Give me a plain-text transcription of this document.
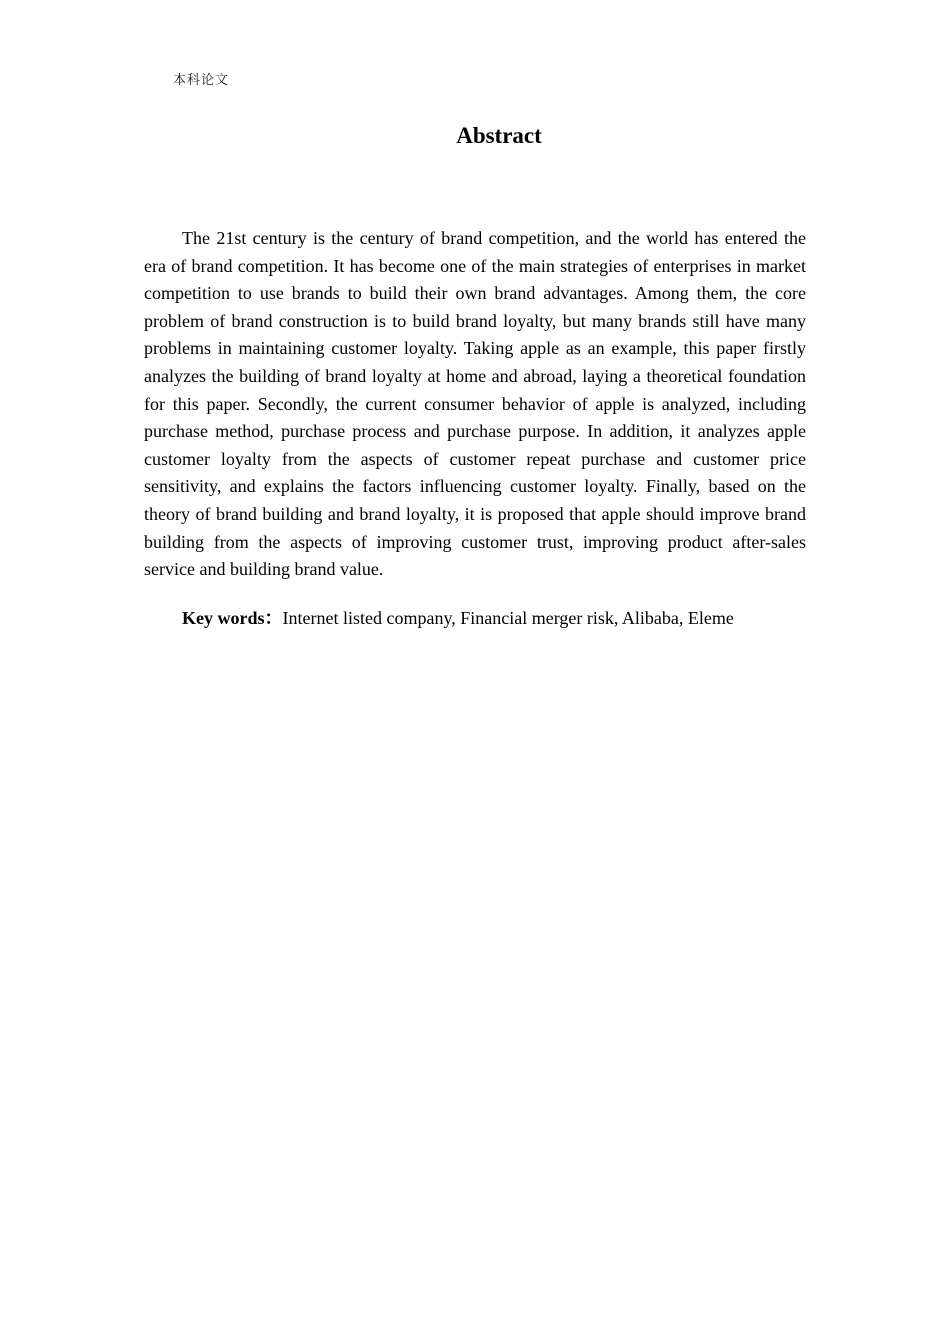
本科论文
Abstract

The 21st century is the century of brand competition, and the world has entered the era of brand competition. It has become one of the main strategies of enterprises in market competition to use brands to build their own brand advantages. Among them, the core problem of brand construction is to build brand loyalty, but many brands still have many problems in maintaining customer loyalty. Taking apple as an example, this paper firstly analyzes the building of brand loyalty at home and abroad, laying a theoretical foundation for this paper. Secondly, the current consumer behavior of apple is analyzed, including purchase method, purchase process and purchase purpose. In addition, it analyzes apple customer loyalty from the aspects of customer repeat purchase and customer price sensitivity, and explains the factors influencing customer loyalty. Finally, based on the theory of brand building and brand loyalty, it is proposed that apple should improve brand building from the aspects of improving customer trust, improving product after-sales service and building brand value.

Key words：Internet listed company, Financial merger risk, Alibaba, Eleme
